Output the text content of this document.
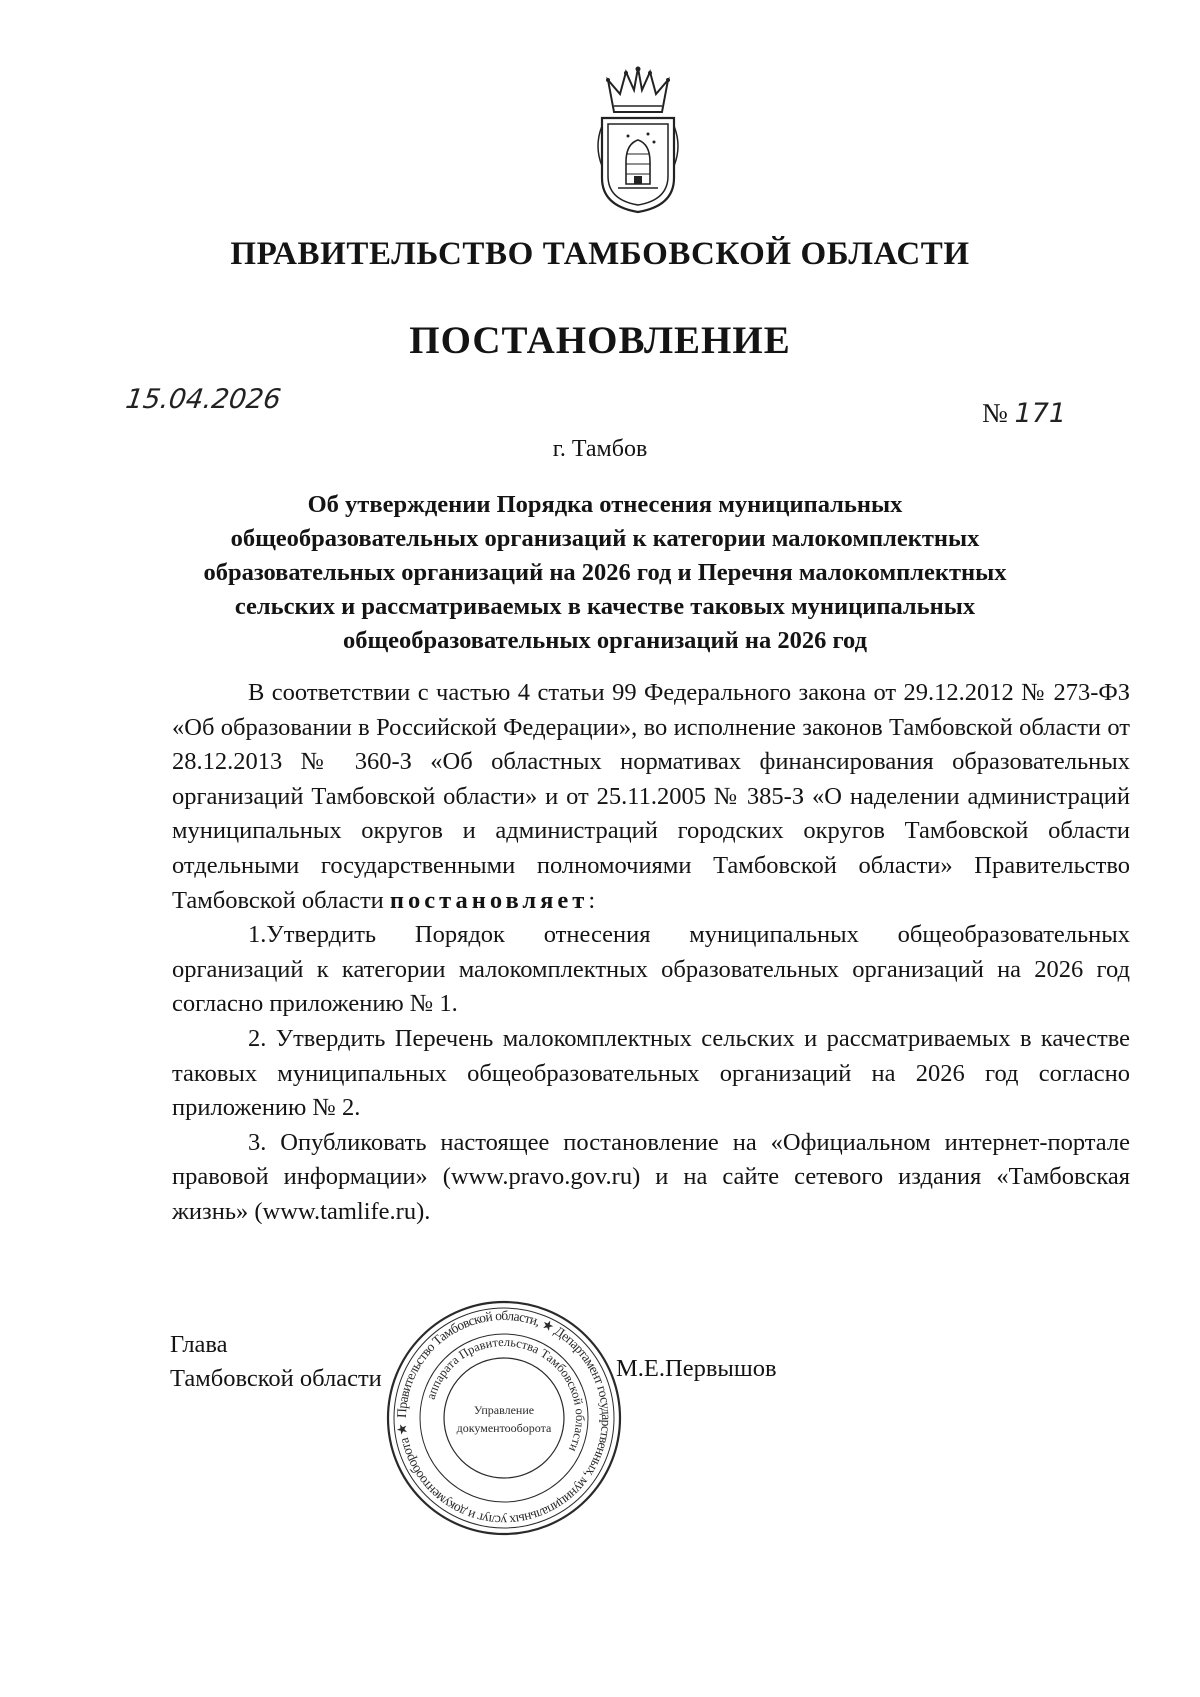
ПРАВИТЕЛЬСТВО ТАМБОВСКОЙ ОБЛАСТИ
ПОСТАНОВЛЕНИЕ
15.04.2026	№ 171
г. Тамбов
Об утверждении Порядка отнесения муниципальных
общеобразовательных организаций к категории малокомплектных
образовательных организаций на 2026 год и Перечня малокомплектных
сельских и рассматриваемых в качестве таковых муниципальных
общеобразовательных организаций на 2026 год

В соответствии с частью 4 статьи 99 Федерального закона от 29.12.2012 № 273-ФЗ «Об образовании в Российской Федерации», во исполнение законов Тамбовской области от 28.12.2013 № 360-З «Об областных нормативах финансирования образовательных организаций Тамбовской области» и от 25.11.2005 № 385-З «О наделении администраций муниципальных округов и администраций городских округов Тамбовской области отдельными государственными полномочиями Тамбовской области» Правительство Тамбовской области постановляет:

1.Утвердить Порядок отнесения муниципальных общеобразовательных организаций к категории малокомплектных образовательных организаций на 2026 год согласно приложению № 1.

2. Утвердить Перечень малокомплектных сельских и рассматриваемых в качестве таковых муниципальных общеобразовательных организаций на 2026 год согласно приложению № 2.

3. Опубликовать настоящее постановление на «Официальном интернет-портале правовой информации» (www.pravo.gov.ru) и на сайте сетевого издания «Тамбовская жизнь» (www.tamlife.ru).

Глава
Тамбовской области	М.Е.Первышов
Правительство Тамбовской области, ★ Департамент государственных, муниципальных услуг и документооборота ★
аппарата Правительства Тамбовской области
Управление
документооборота
